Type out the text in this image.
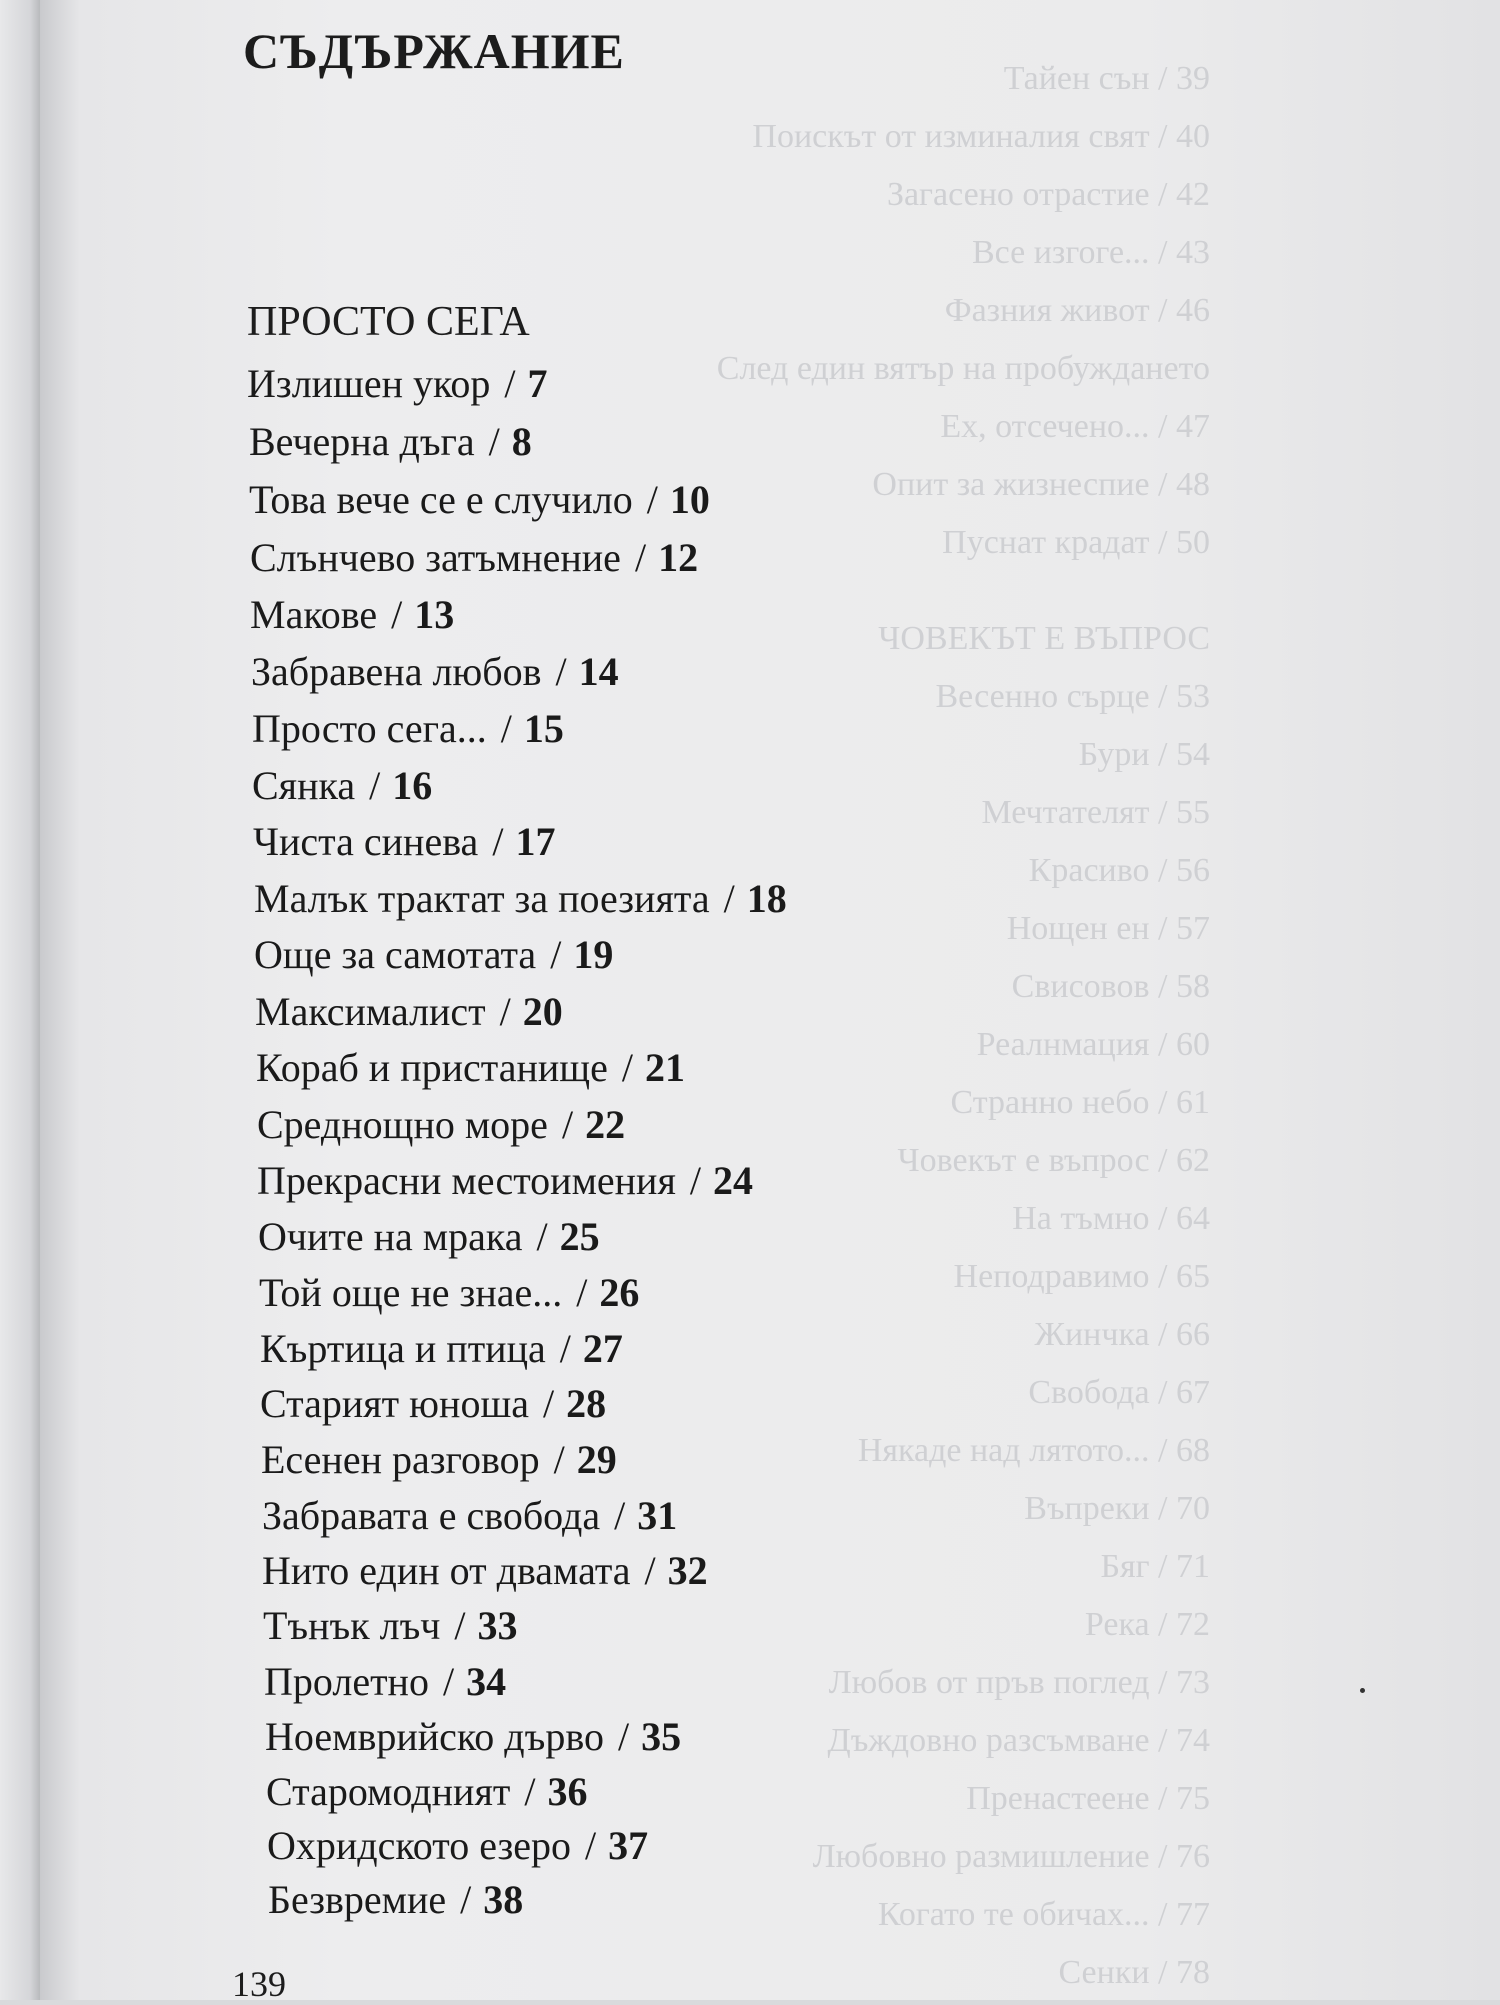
Тайен сън / 39
Поискът от изминалия свят / 40
Загасено отрастие / 42
Все изгоге... / 43
Фазния живот / 46
След един вятър на пробуждането
Ех, отсечено... / 47
Опит за жизнеспие / 48
Пуснат крадат / 50
ЧОВЕКЪТ Е ВЪПРОС
Весенно сърце / 53
Бури / 54
Мечтателят / 55
Красиво / 56
Нощен ен / 57
Свисовов / 58
Реалнмация / 60
Странно небо / 61
Човекът е въпрос / 62
На тъмно / 64
Неподравимо / 65
Жинчка / 66
Свобода / 67
Някаде над лятото... / 68
Въпреки / 70
Бяг / 71
Река / 72
Любов от пръв поглед / 73
Дъждовно разсъмване / 74
Пренастеене / 75
Любовно размишление / 76
Когато те обичах... / 77
Сенки / 78
СЪДЪРЖАНИЕ
ПРОСТО СЕГА
Излишен укор / 7
Вечерна дъга / 8
Това вече се е случило / 10
Слънчево затъмнение / 12
Макове / 13
Забравена любов / 14
Просто сега... / 15
Сянка / 16
Чиста синева / 17
Малък трактат за поезията / 18
Още за самотата / 19
Максималист / 20
Кораб и пристанище / 21
Среднощно море / 22
Прекрасни местоимения / 24
Очите на мрака / 25
Той още не знае... / 26
Къртица и птица / 27
Старият юноша / 28
Есенен разговор / 29
Забравата е свобода / 31
Нито един от двамата / 32
Тънък лъч / 33
Пролетно / 34
Ноемврийско дърво / 35
Старомодният / 36
Охридското езеро / 37
Безвремие / 38
139
